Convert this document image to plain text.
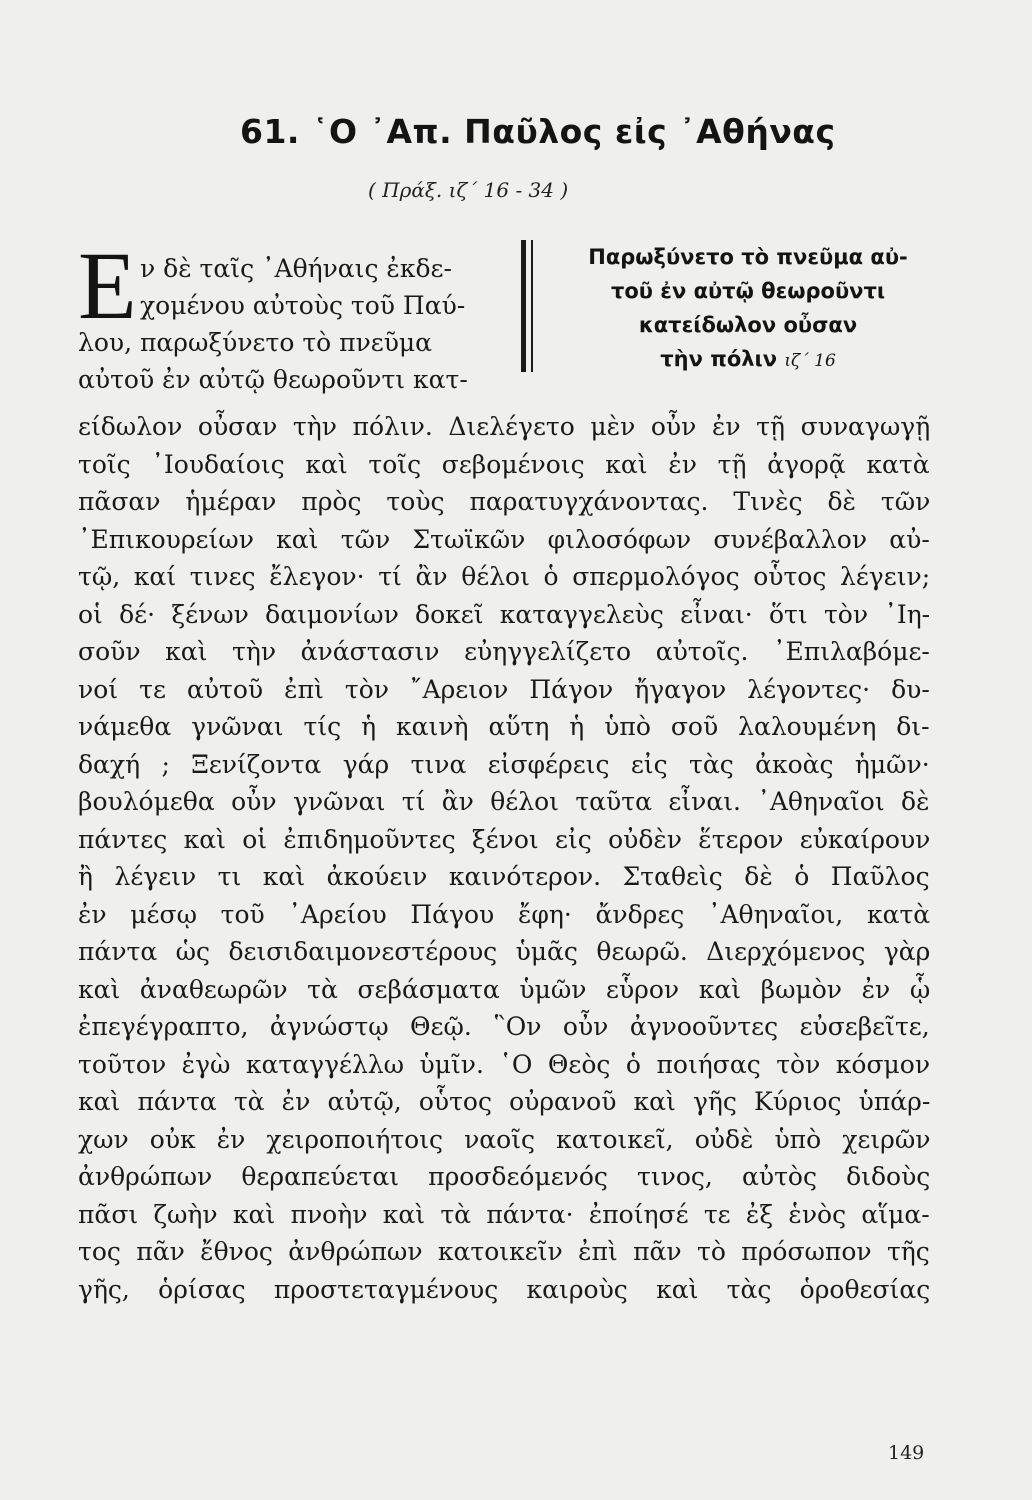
61. ῾Ο ᾿Απ. Παῦλος εἰς ᾿Αθήνας
( Πράξ. ιζ΄ 16 - 34 )
Ε ν δὲ ταῖς ᾿Αθήναις ἐκδε-
χομένου αὐτοὺς τοῦ Παύ-
λου, παρωξύνετο τὸ πνεῦμα
αὐτοῦ ἐν αὐτῷ θεωροῦντι κατ-
Παρωξύνετο τὸ πνεῦμα αὐ-
τοῦ ἐν αὐτῷ θεωροῦντι
κατείδωλον οὖσαν
τὴν πόλιν ιζ΄ 16
είδωλον οὖσαν τὴν πόλιν. Διελέγετο μὲν οὖν ἐν τῇ συναγωγῇ
τοῖς ᾿Ιουδαίοις καὶ τοῖς σεβομένοις καὶ ἐν τῇ ἀγορᾷ κατὰ
πᾶσαν ἡμέραν πρὸς τοὺς παρατυγχάνοντας. Τινὲς δὲ τῶν
᾿Επικουρείων καὶ τῶν Στωϊκῶν φιλοσόφων συνέβαλλον αὐ-
τῷ, καί τινες ἔλεγον· τί ἂν θέλοι ὁ σπερμολόγος οὗτος λέγειν;
οἱ δέ· ξένων δαιμονίων δοκεῖ καταγγελεὺς εἶναι· ὅτι τὸν ᾿Ιη-
σοῦν καὶ τὴν ἀνάστασιν εὐηγγελίζετο αὐτοῖς. ᾿Επιλαβόμε-
νοί τε αὐτοῦ ἐπὶ τὸν ῎Αρειον Πάγον ἤγαγον λέγοντες· δυ-
νάμεθα γνῶναι τίς ἡ καινὴ αὕτη ἡ ὑπὸ σοῦ λαλουμένη δι-
δαχή ; Ξενίζοντα γάρ τινα εἰσφέρεις εἰς τὰς ἀκοὰς ἡμῶν·
βουλόμεθα οὖν γνῶναι τί ἂν θέλοι ταῦτα εἶναι. ᾿Αθηναῖοι δὲ
πάντες καὶ οἱ ἐπιδημοῦντες ξένοι εἰς οὐδὲν ἕτερον εὐκαίρουν
ἢ λέγειν τι καὶ ἀκούειν καινότερον. Σταθεὶς δὲ ὁ Παῦλος
ἐν μέσῳ τοῦ ᾿Αρείου Πάγου ἔφη· ἄνδρες ᾿Αθηναῖοι, κατὰ
πάντα ὡς δεισιδαιμονεστέρους ὑμᾶς θεωρῶ. Διερχόμενος γὰρ
καὶ ἀναθεωρῶν τὰ σεβάσματα ὑμῶν εὗρον καὶ βωμὸν ἐν ᾧ
ἐπεγέγραπτο, ἀγνώστῳ Θεῷ. ῝Ον οὖν ἀγνοοῦντες εὐσεβεῖτε,
τοῦτον ἐγὼ καταγγέλλω ὑμῖν. ῾Ο Θεὸς ὁ ποιήσας τὸν κόσμον
καὶ πάντα τὰ ἐν αὐτῷ, οὗτος οὐρανοῦ καὶ γῆς Κύριος ὑπάρ-
χων οὐκ ἐν χειροποιήτοις ναοῖς κατοικεῖ, οὐδὲ ὑπὸ χειρῶν
ἀνθρώπων θεραπεύεται προσδεόμενός τινος, αὐτὸς διδοὺς
πᾶσι ζωὴν καὶ πνοὴν καὶ τὰ πάντα· ἐποίησέ τε ἐξ ἑνὸς αἵμα-
τος πᾶν ἔθνος ἀνθρώπων κατοικεῖν ἐπὶ πᾶν τὸ πρόσωπον τῆς
γῆς, ὁρίσας προστεταγμένους καιροὺς καὶ τὰς ὁροθεσίας
149
